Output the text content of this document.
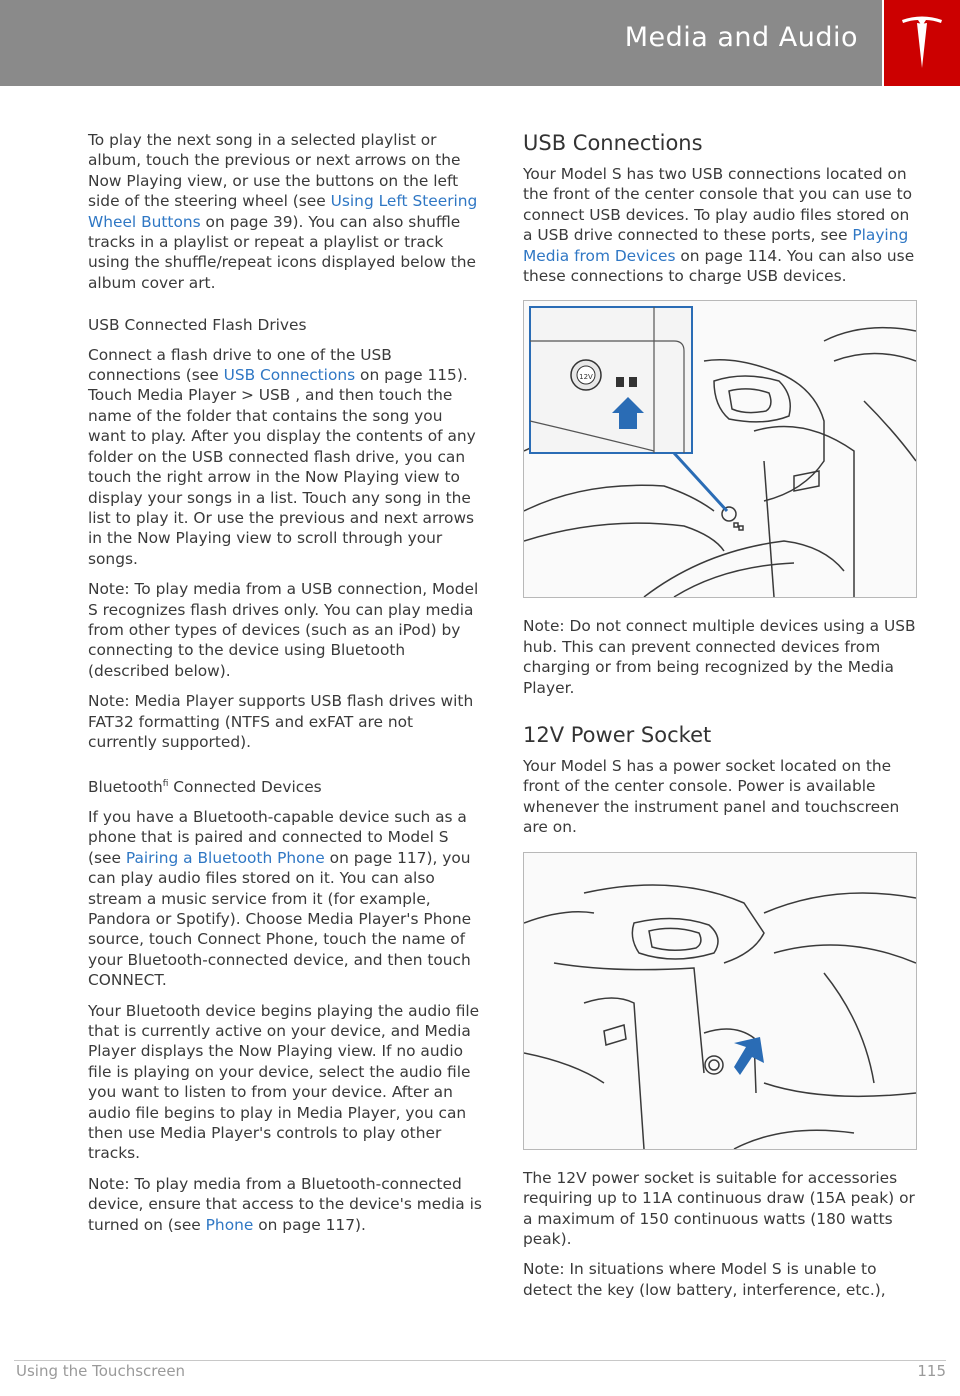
Media and Audio

To play the next song in a selected playlist or album, touch the previous or next arrows on the Now Playing view, or use the buttons on the left side of the steering wheel (see Using Left Steering Wheel Buttons on page 39). You can also shuffle tracks in a playlist or repeat a playlist or track using the shuffle/repeat icons displayed below the album cover art.

USB Connected Flash Drives

Connect a flash drive to one of the USB connections (see USB Connections on page 115). Touch Media Player > USB , and then touch the name of the folder that contains the song you want to play. After you display the contents of any folder on the USB connected flash drive, you can touch the right arrow in the Now Playing view to display your songs in a list. Touch any song in the list to play it. Or use the previous and next arrows in the Now Playing view to scroll through your songs.

Note: To play media from a USB connection, Model S recognizes flash drives only. You can play media from other types of devices (such as an iPod) by connecting to the device using Bluetooth (described below).

Note: Media Player supports USB flash drives with FAT32 formatting (NTFS and exFAT are not currently supported).

Bluetooth$^{fi}$ Connected Devices

If you have a Bluetooth-capable device such as a phone that is paired and connected to Model S (see Pairing a Bluetooth Phone on page 117), you can play audio files stored on it. You can also stream a music service from it (for example, Pandora or Spotify). Choose Media Player's Phone source, touch Connect Phone, touch the name of your Bluetooth-connected device, and then touch CONNECT.

Your Bluetooth device begins playing the audio file that is currently active on your device, and Media Player displays the Now Playing view. If no audio file is playing on your device, select the audio file you want to listen to from your device. After an audio file begins to play in Media Player, you can then use Media Player's controls to play other tracks.

Note: To play media from a Bluetooth-connected device, ensure that access to the device's media is turned on (see Phone on page 117).

USB Connections

Your Model S has two USB connections located on the front of the center console that you can use to connect USB devices. To play audio files stored on a USB drive connected to these ports, see Playing Media from Devices on page 114. You can also use these connections to charge USB devices.

12V

Note: Do not connect multiple devices using a USB hub. This can prevent connected devices from charging or from being recognized by the Media Player.

12V Power Socket

Your Model S has a power socket located on the front of the center console. Power is available whenever the instrument panel and touchscreen are on.

The 12V power socket is suitable for accessories requiring up to 11A continuous draw (15A peak) or a maximum of 150 continuous watts (180 watts peak).

Note: In situations where Model S is unable to detect the key (low battery, interference, etc.),

Using the Touchscreen	115
